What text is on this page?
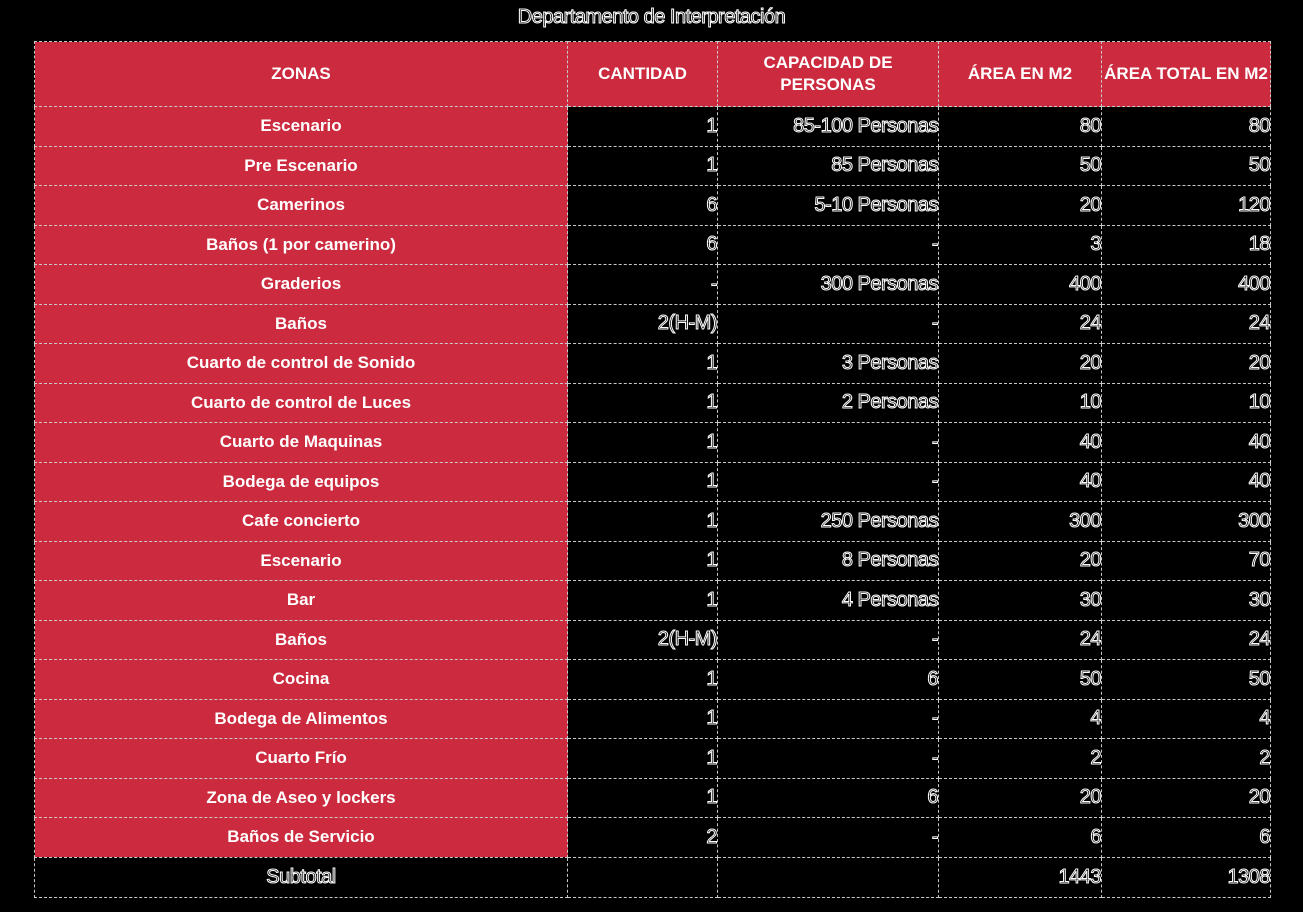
Departamento de Interpretación
ZONAS	CANTIDAD	CAPACIDAD DE PERSONAS	ÁREA EN M2	ÁREA TOTAL EN M2
Escenario	1	85-100 Personas	80	80
Pre Escenario	1	85 Personas	50	50
Camerinos	6	5-10 Personas	20	120
Baños (1 por camerino)	6	-	3	18
Graderios	-	300 Personas	400	400
Baños	2(H-M)	-	24	24
Cuarto de control de Sonido	1	3 Personas	20	20
Cuarto de control de Luces	1	2 Personas	10	10
Cuarto de Maquinas	1	-	40	40
Bodega de equipos	1	-	40	40
Cafe concierto	1	250 Personas	300	300
Escenario	1	8 Personas	20	70
Bar	1	4 Personas	30	30
Baños	2(H-M)	-	24	24
Cocina	1	6	50	50
Bodega de Alimentos	1	-	4	4
Cuarto Frío	1	-	2	2
Zona de Aseo y lockers	1	6	20	20
Baños de Servicio	2	-	6	6
Subtotal			1443	1308
